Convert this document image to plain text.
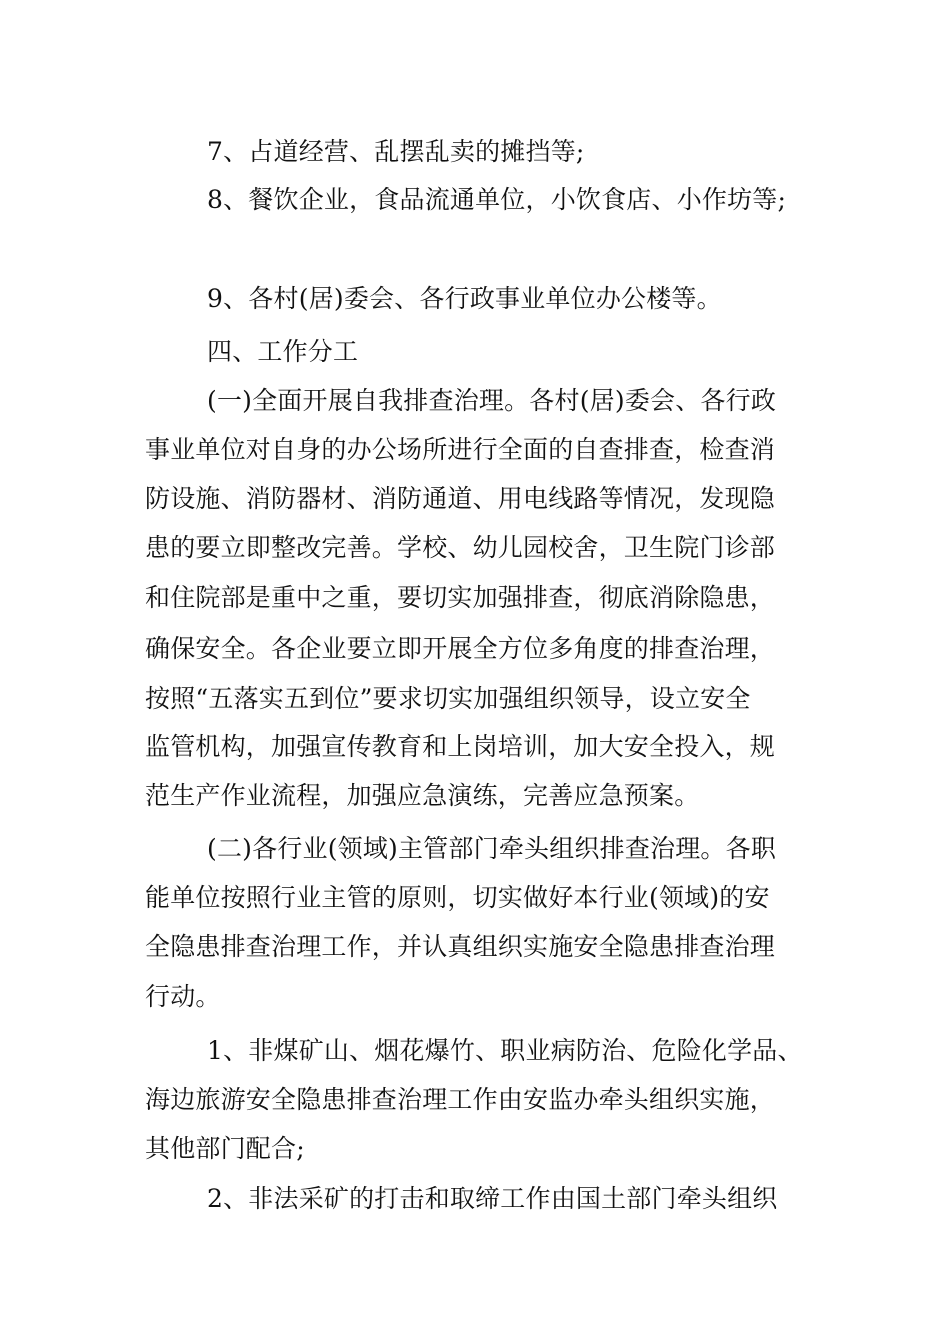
7、占道经营、乱摆乱卖的摊挡等;
8、餐饮企业，食品流通单位，小饮食店、小作坊等;
9、各村(居)委会、各行政事业单位办公楼等。
四、工作分工
(一)全面开展自我排查治理。各村(居)委会、各行政
事业单位对自身的办公场所进行全面的自查排查，检查消
防设施、消防器材、消防通道、用电线路等情况，发现隐
患的要立即整改完善。学校、幼儿园校舍，卫生院门诊部
和住院部是重中之重，要切实加强排查，彻底消除隐患，
确保安全。各企业要立即开展全方位多角度的排查治理，
按照“五落实五到位”要求切实加强组织领导，设立安全
监管机构，加强宣传教育和上岗培训，加大安全投入，规
范生产作业流程，加强应急演练，完善应急预案。
(二)各行业(领域)主管部门牵头组织排查治理。各职
能单位按照行业主管的原则，切实做好本行业(领域)的安
全隐患排查治理工作，并认真组织实施安全隐患排查治理
行动。
1、非煤矿山、烟花爆竹、职业病防治、危险化学品、
海边旅游安全隐患排查治理工作由安监办牵头组织实施，
其他部门配合;
2、非法采矿的打击和取缔工作由国土部门牵头组织
